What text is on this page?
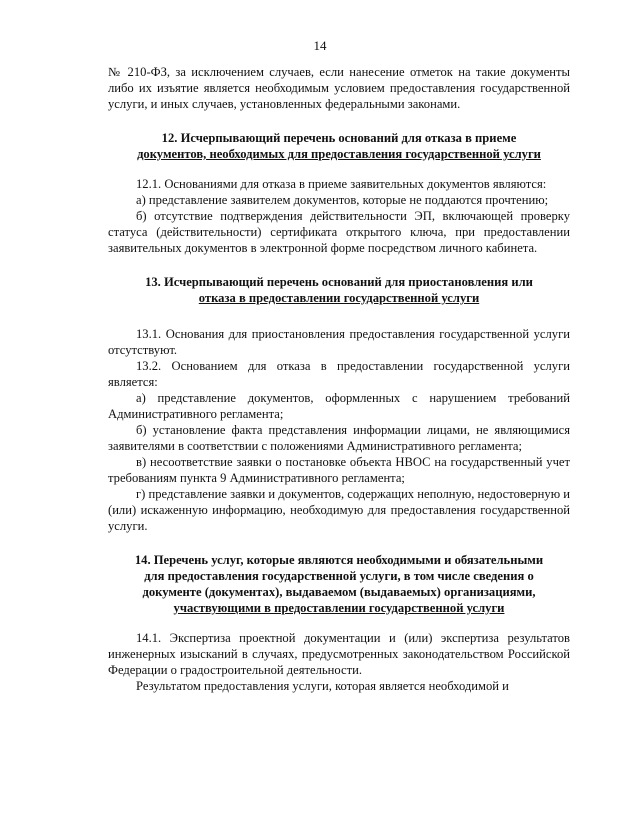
14

№ 210-ФЗ, за исключением случаев, если нанесение отметок на такие документы либо их изъятие является необходимым условием предоставления государственной услуги, и иных случаев, установленных федеральными законами.

12. Исчерпывающий перечень оснований для отказа в приеме
документов, необходимых для предоставления государственной услуги

12.1. Основаниями для отказа в приеме заявительных документов являются:

а) представление заявителем документов, которые не поддаются прочтению;

б) отсутствие подтверждения действительности ЭП, включающей проверку статуса (действительности) сертификата открытого ключа, при предоставлении заявительных документов в электронной форме посредством личного кабинета.

13. Исчерпывающий перечень оснований для приостановления или
отказа в предоставлении государственной услуги

13.1. Основания для приостановления предоставления государственной услуги отсутствуют.

13.2. Основанием для отказа в предоставлении государственной услуги является:

а) представление документов, оформленных с нарушением требований Административного регламента;

б) установление факта представления информации лицами, не являющимися заявителями в соответствии с положениями Административного регламента;

в) несоответствие заявки о постановке объекта НВОС на государственный учет требованиям пункта 9 Административного регламента;

г) представление заявки и документов, содержащих неполную, недостоверную и (или) искаженную информацию, необходимую для предоставления государственной услуги.

14. Перечень услуг, которые являются необходимыми и обязательными
для предоставления государственной услуги, в том числе сведения о
документе (документах), выдаваемом (выдаваемых) организациями,
участвующими в предоставлении государственной услуги

14.1. Экспертиза проектной документации и (или) экспертиза результатов инженерных изысканий в случаях, предусмотренных законодательством Российской Федерации о градостроительной деятельности.

Результатом предоставления услуги, которая является необходимой и
